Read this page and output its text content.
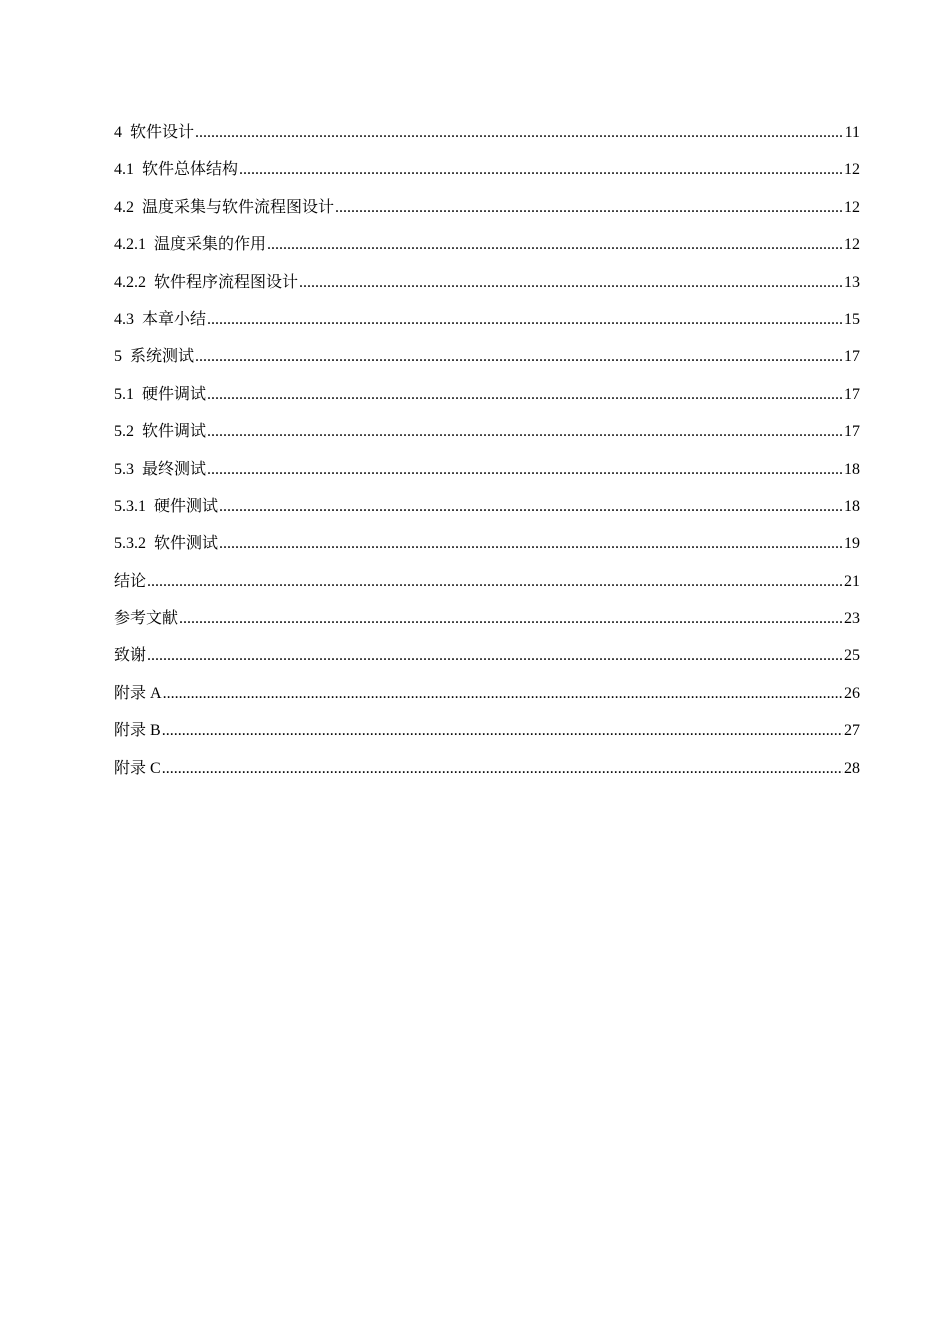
4 软件设计 .....	11
4.1 软件总体结构 .....	12
4.2 温度采集与软件流程图设计 .....	12
4.2.1 温度采集的作用 .....	12
4.2.2 软件程序流程图设计 .....	13
4.3 本章小结 .....	15
5 系统测试 .....	17
5.1 硬件调试 .....	17
5.2 软件调试 .....	17
5.3 最终测试 .....	18
5.3.1 硬件测试 .....	18
5.3.2 软件测试 .....	19
结论 .....	21
参考文献 .....	23
致谢 .....	25
附录 A .....	26
附录 B .....	27
附录 C .....	28
